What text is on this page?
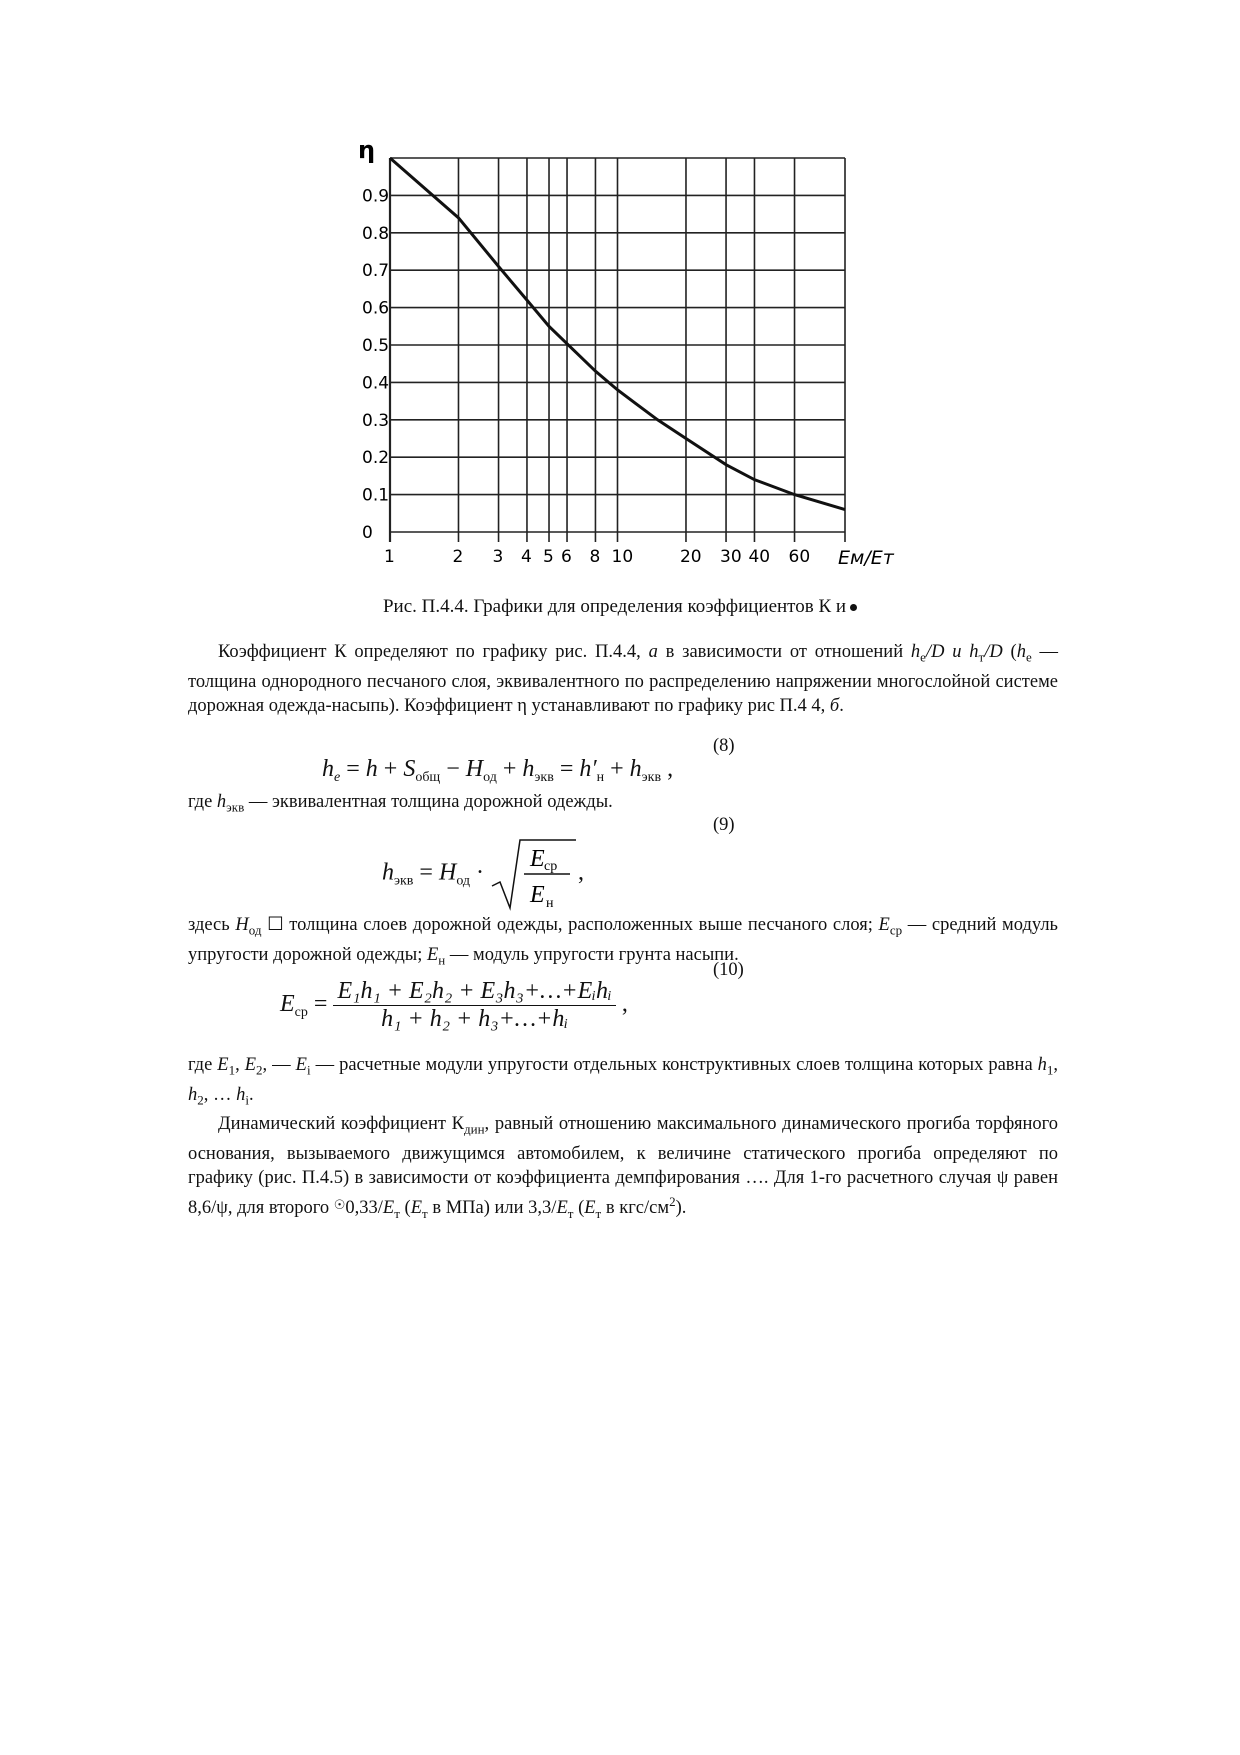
η
0.9
0.8
0.7
0.6
0.5
0.4
0.3
0.2
0.1
0
1	2 3 4 5 6 8 10	20 30 40 60 Eм/Eт
Рис. П.4.4. Графики для определения коэффициентов К и

Коэффициент К определяют по графику рис. П.4.4, а в зависимости от отношений $h_e/D$ и $h_т/D$ ($h_e$ — толщина однородного песчаного слоя, эквивалентного по распределению напряжении многослойной системе дорожная одежда-насыпь). Коэффициент η устанавливают по графику рис П.4 4, б.

(8)
$h_e = h + S_{общ} - H_{од} + h_{экв} = h'_н + h_{экв}$ ,

где $h_{экв}$ — эквивалентная толщина дорожной одежды.

(9)
$h_{экв} = H_{од}$ ·
E ср
E н
,

здесь $H_{од}$ ☐ толщина слоев дорожной одежды, расположенных выше песчаного слоя; $E_{ср}$ — средний модуль упругости дорожной одежды; $E_н$ — модуль упругости грунта насыпи.

(10)
$E_{ср} = \frac{\text{E₁h₁ + E₂h₂ + E₃h₃+…+Eᵢhᵢ}}{\text{h₁ + h₂ + h₃+…+hᵢ}}$ ,

где $E_1$, $E_2$, — $E_i$ — расчетные модули упругости отдельных конструктивных слоев толщина которых равна $h_1$, $h_2$, … $h_i$.

Динамический коэффициент $К_{дин}$, равный отношению максимального динамического прогиба торфяного основания, вызываемого движущимся автомобилем, к величине статического прогиба определяют по графику (рис. П.4.5) в зависимости от коэффициента демпфирования …. Для 1-го расчетного случая ψ равен 8,6/ψ, для второго $^☉0,33/E_т$ ($E_т$ в МПа) или $3,3/E_т$ ($E_т$ в кгс/$см^2$).
